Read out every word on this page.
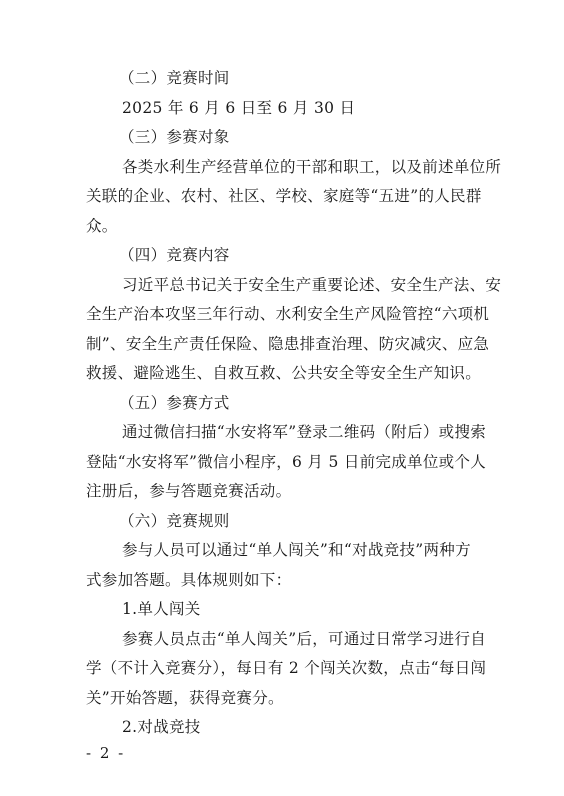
（二）竞赛时间
2025 年 6 月 6 日至 6 月 30 日
（三）参赛对象
各类水利生产经营单位的干部和职工，以及前述单位所
关联的企业、农村、社区、学校、家庭等“五进”的人民群
众。
（四）竞赛内容
习近平总书记关于安全生产重要论述、安全生产法、安
全生产治本攻坚三年行动、水利安全生产风险管控“六项机
制”、安全生产责任保险、隐患排查治理、防灾减灾、应急
救援、避险逃生、自救互救、公共安全等安全生产知识。
（五）参赛方式
通过微信扫描“水安将军”登录二维码（附后）或搜索
登陆“水安将军”微信小程序，6 月 5 日前完成单位或个人
注册后，参与答题竞赛活动。
（六）竞赛规则
参与人员可以通过“单人闯关”和“对战竞技”两种方
式参加答题。具体规则如下：
1.单人闯关
参赛人员点击“单人闯关”后，可通过日常学习进行自
学（不计入竞赛分），每日有 2 个闯关次数，点击“每日闯
关”开始答题，获得竞赛分。
2.对战竞技
- 2 -
